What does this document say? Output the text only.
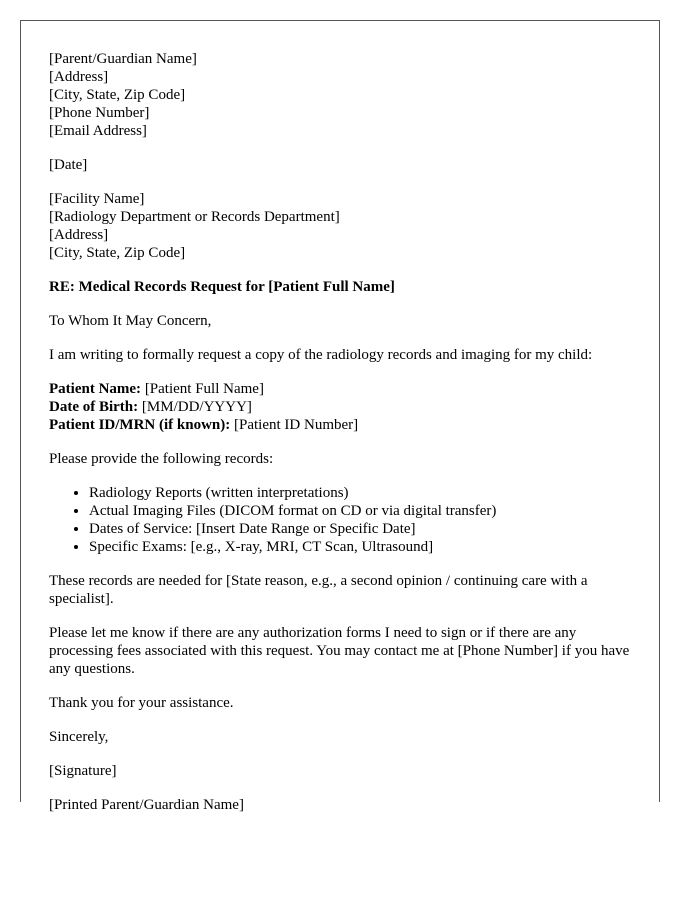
[Parent/Guardian Name]
[Address]
[City, State, Zip Code]
[Phone Number]
[Email Address]

[Date]

[Facility Name]
[Radiology Department or Records Department]
[Address]
[City, State, Zip Code]

RE: Medical Records Request for [Patient Full Name]

To Whom It May Concern,

I am writing to formally request a copy of the radiology records and imaging for my child:

Patient Name: [Patient Full Name]
Date of Birth: [MM/DD/YYYY]
Patient ID/MRN (if known): [Patient ID Number]

Please provide the following records:

• Radiology Reports (written interpretations)
• Actual Imaging Files (DICOM format on CD or via digital transfer)
• Dates of Service: [Insert Date Range or Specific Date]
• Specific Exams: [e.g., X-ray, MRI, CT Scan, Ultrasound]

These records are needed for [State reason, e.g., a second opinion / continuing care with a specialist].

Please let me know if there are any authorization forms I need to sign or if there are any processing fees associated with this request. You may contact me at [Phone Number] if you have any questions.

Thank you for your assistance.

Sincerely,

[Signature]

[Printed Parent/Guardian Name]
